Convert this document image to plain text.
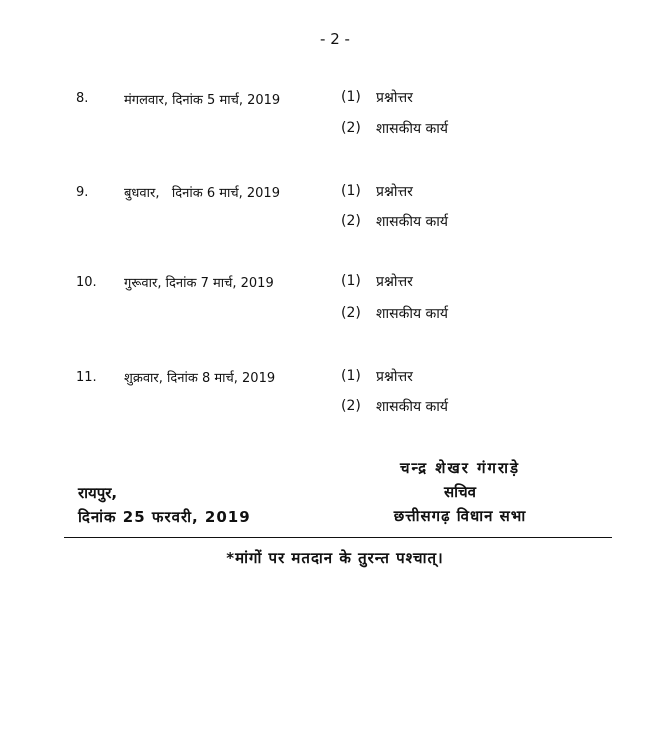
- 2 -
8.	मंगलवार, दिनांक 5 मार्च, 2019	(1) प्रश्नोत्तर
(2) शासकीय कार्य
9.	बुधवार,   दिनांक 6 मार्च, 2019	(1) प्रश्नोत्तर
(2) शासकीय कार्य
10. गुरूवार, दिनांक 7 मार्च, 2019	(1) प्रश्नोत्तर
(2) शासकीय कार्य
11. शुक्रवार, दिनांक 8 मार्च, 2019	(1) प्रश्नोत्तर
(2) शासकीय कार्य
चन्द्र शेखर गंगराड़े
सचिव
छत्तीसगढ़ विधान सभा
रायपुर,
दिनांक 25 फरवरी, 2019
*मांगों पर मतदान के तुरन्त पश्चात्।
